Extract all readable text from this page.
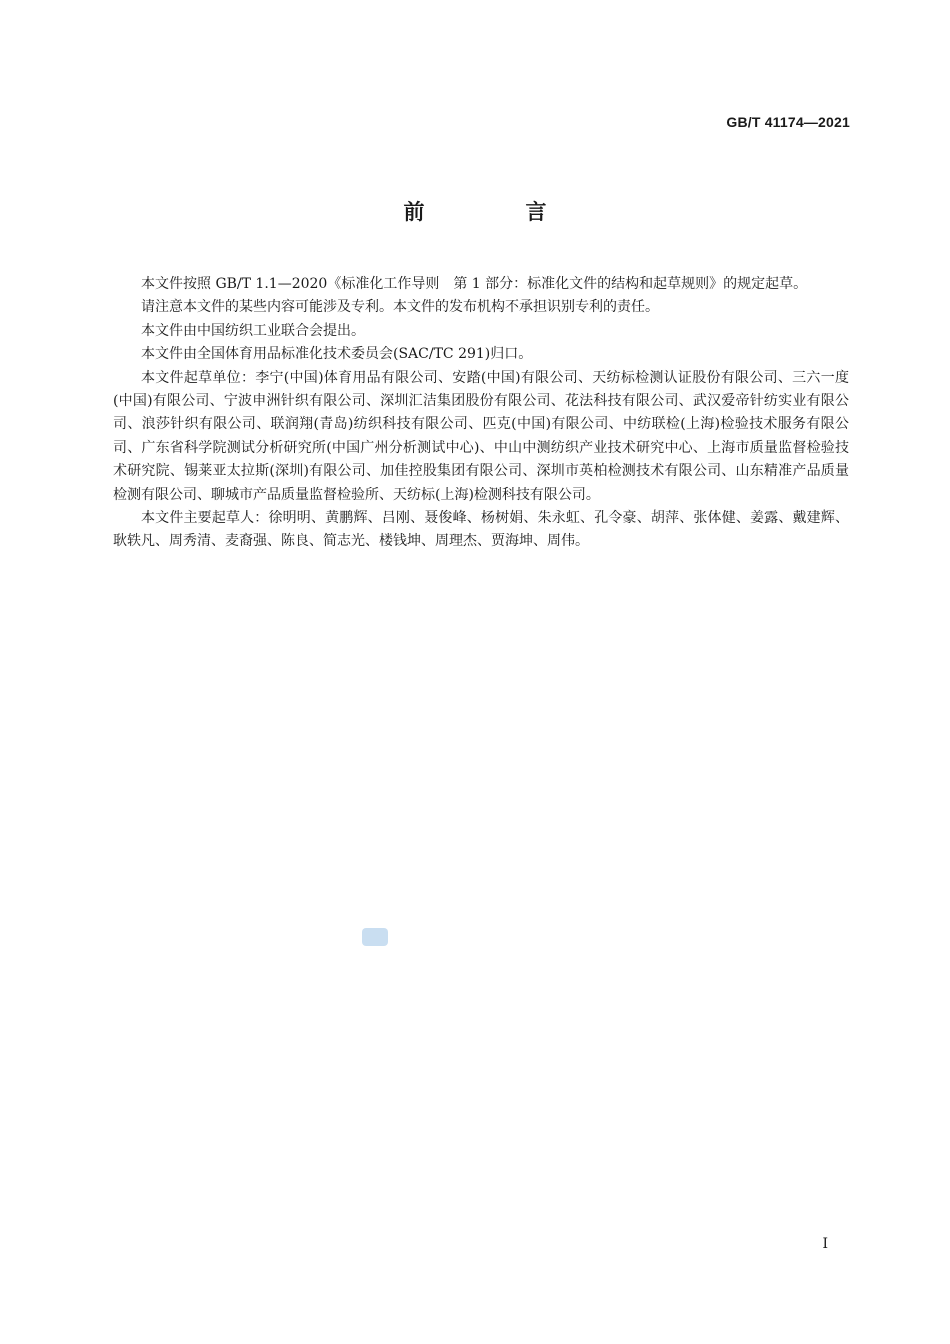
GB/T 41174—2021
前　言

本文件按照 GB/T 1.1—2020《标准化工作导则　第 1 部分：标准化文件的结构和起草规则》的规定起草。

请注意本文件的某些内容可能涉及专利。本文件的发布机构不承担识别专利的责任。

本文件由中国纺织工业联合会提出。

本文件由全国体育用品标准化技术委员会(SAC/TC 291)归口。

本文件起草单位：李宁(中国)体育用品有限公司、安踏(中国)有限公司、天纺标检测认证股份有限公司、三六一度(中国)有限公司、宁波申洲针织有限公司、深圳汇洁集团股份有限公司、花法科技有限公司、武汉爱帝针纺实业有限公司、浪莎针织有限公司、联润翔(青岛)纺织科技有限公司、匹克(中国)有限公司、中纺联检(上海)检验技术服务有限公司、广东省科学院测试分析研究所(中国广州分析测试中心)、中山中测纺织产业技术研究中心、上海市质量监督检验技术研究院、锡莱亚太拉斯(深圳)有限公司、加佳控股集团有限公司、深圳市英柏检测技术有限公司、山东精准产品质量检测有限公司、聊城市产品质量监督检验所、天纺标(上海)检测科技有限公司。

本文件主要起草人：徐明明、黄鹏辉、吕刚、聂俊峰、杨树娟、朱永虹、孔令豪、胡萍、张体健、姜露、戴建辉、耿轶凡、周秀清、麦裔强、陈良、简志光、楼钱坤、周理杰、贾海坤、周伟。

I
